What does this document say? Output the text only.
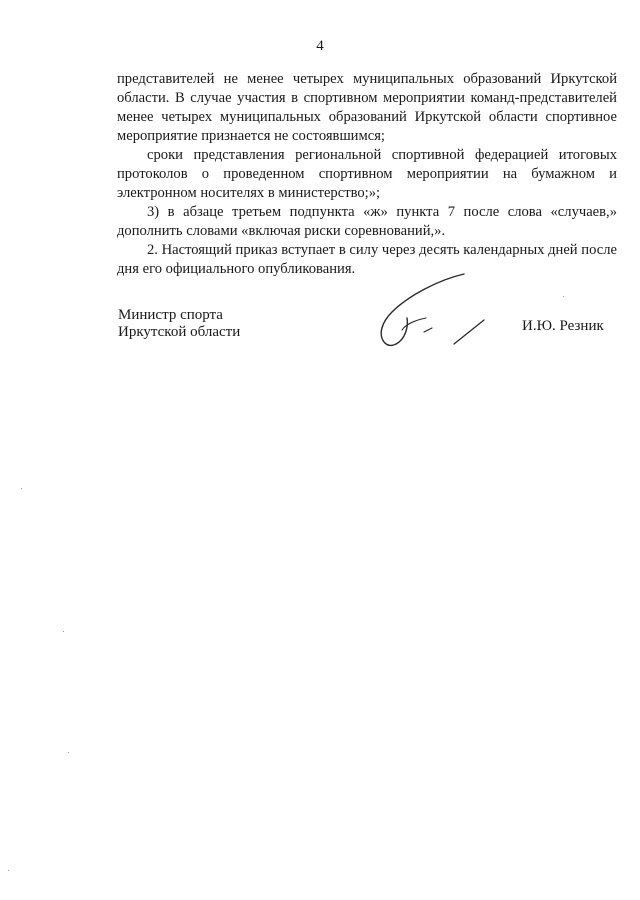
4

представителей не менее четырех муниципальных образований Иркутской области. В случае участия в спортивном мероприятии команд-представителей менее четырех муниципальных образований Иркутской области спортивное мероприятие признается не состоявшимся;

сроки представления региональной спортивной федерацией итоговых протоколов о проведенном спортивном мероприятии на бумажном и электронном носителях в министерство;»;

3) в абзаце третьем подпункта «ж» пункта 7 после слова «случаев,» дополнить словами «включая риски соревнований,».

2. Настоящий приказ вступает в силу через десять календарных дней после дня его официального опубликования.

Министр спорта
Иркутской области	И.Ю. Резник
